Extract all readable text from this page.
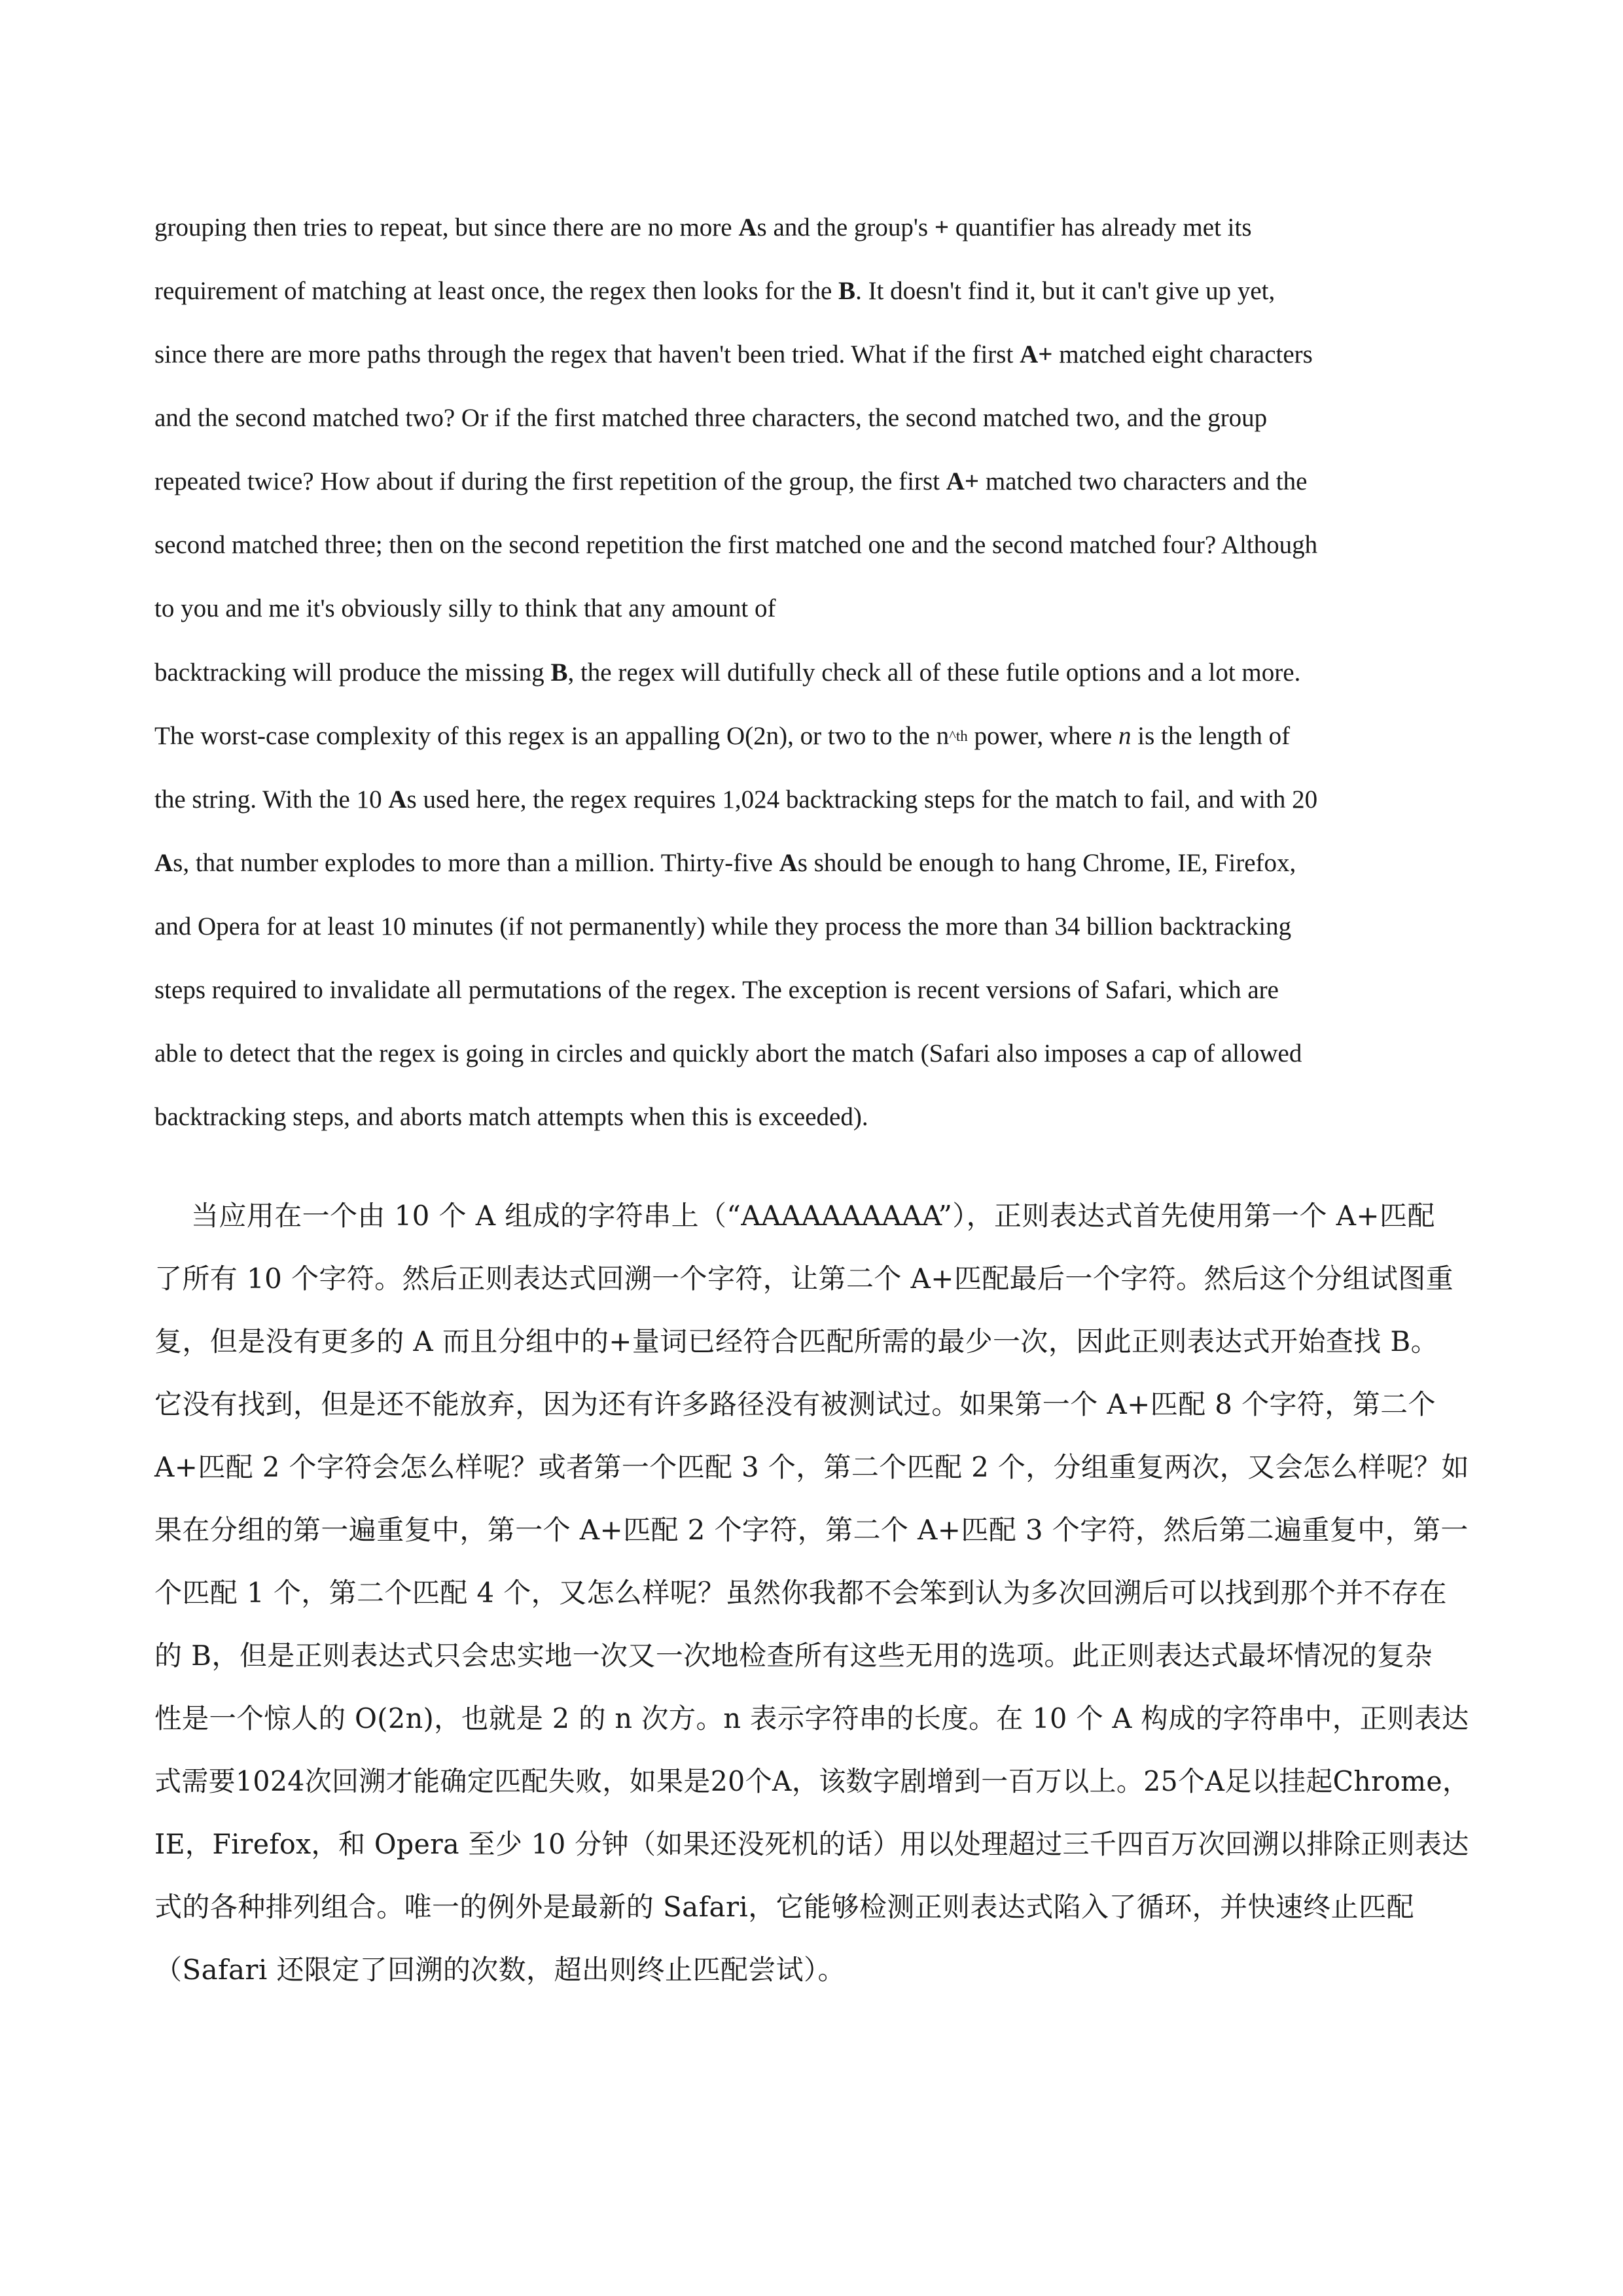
grouping then tries to repeat, but since there are no more As and the group's + quantifier has already met its
requirement of matching at least once, the regex then looks for the B. It doesn't find it, but it can't give up yet,
since there are more paths through the regex that haven't been tried. What if the first A+ matched eight characters
and the second matched two? Or if the first matched three characters, the second matched two, and the group
repeated twice? How about if during the first repetition of the group, the first A+ matched two characters and the
second matched three; then on the second repetition the first matched one and the second matched four? Although
to you and me it's obviously silly to think that any amount of
backtracking will produce the missing B, the regex will dutifully check all of these futile options and a lot more.
The worst-case complexity of this regex is an appalling O(2n), or two to the $n^{\^{}th}$ power, where n is the length of
the string. With the 10 As used here, the regex requires 1,024 backtracking steps for the match to fail, and with 20
As, that number explodes to more than a million. Thirty-five As should be enough to hang Chrome, IE, Firefox,
and Opera for at least 10 minutes (if not permanently) while they process the more than 34 billion backtracking
steps required to invalidate all permutations of the regex. The exception is recent versions of Safari, which are
able to detect that the regex is going in circles and quickly abort the match (Safari also imposes a cap of allowed
backtracking steps, and aborts match attempts when this is exceeded).
当应用在一个由 10 个 A 组成的字符串上（“AAAAAAAAAA”），正则表达式首先使用第一个 A+匹配
了所有 10 个字符。然后正则表达式回溯一个字符，让第二个 A+匹配最后一个字符。然后这个分组试图重
复，但是没有更多的 A 而且分组中的+量词已经符合匹配所需的最少一次，因此正则表达式开始查找 B。
它没有找到，但是还不能放弃，因为还有许多路径没有被测试过。如果第一个 A+匹配 8 个字符，第二个
A+匹配 2 个字符会怎么样呢？或者第一个匹配 3 个，第二个匹配 2 个，分组重复两次，又会怎么样呢？如
果在分组的第一遍重复中，第一个 A+匹配 2 个字符，第二个 A+匹配 3 个字符，然后第二遍重复中，第一
个匹配 1 个，第二个匹配 4 个，又怎么样呢？虽然你我都不会笨到认为多次回溯后可以找到那个并不存在
的 B，但是正则表达式只会忠实地一次又一次地检查所有这些无用的选项。此正则表达式最坏情况的复杂
性是一个惊人的 O(2n)，也就是 2 的 n 次方。n 表示字符串的长度。在 10 个 A 构成的字符串中，正则表达
式需要1024次回溯才能确定匹配失败，如果是20个A，该数字剧增到一百万以上。25个A足以挂起Chrome，
IE，Firefox，和 Opera 至少 10 分钟（如果还没死机的话）用以处理超过三千四百万次回溯以排除正则表达
式的各种排列组合。唯一的例外是最新的 Safari，它能够检测正则表达式陷入了循环，并快速终止匹配
（Safari 还限定了回溯的次数，超出则终止匹配尝试）。
